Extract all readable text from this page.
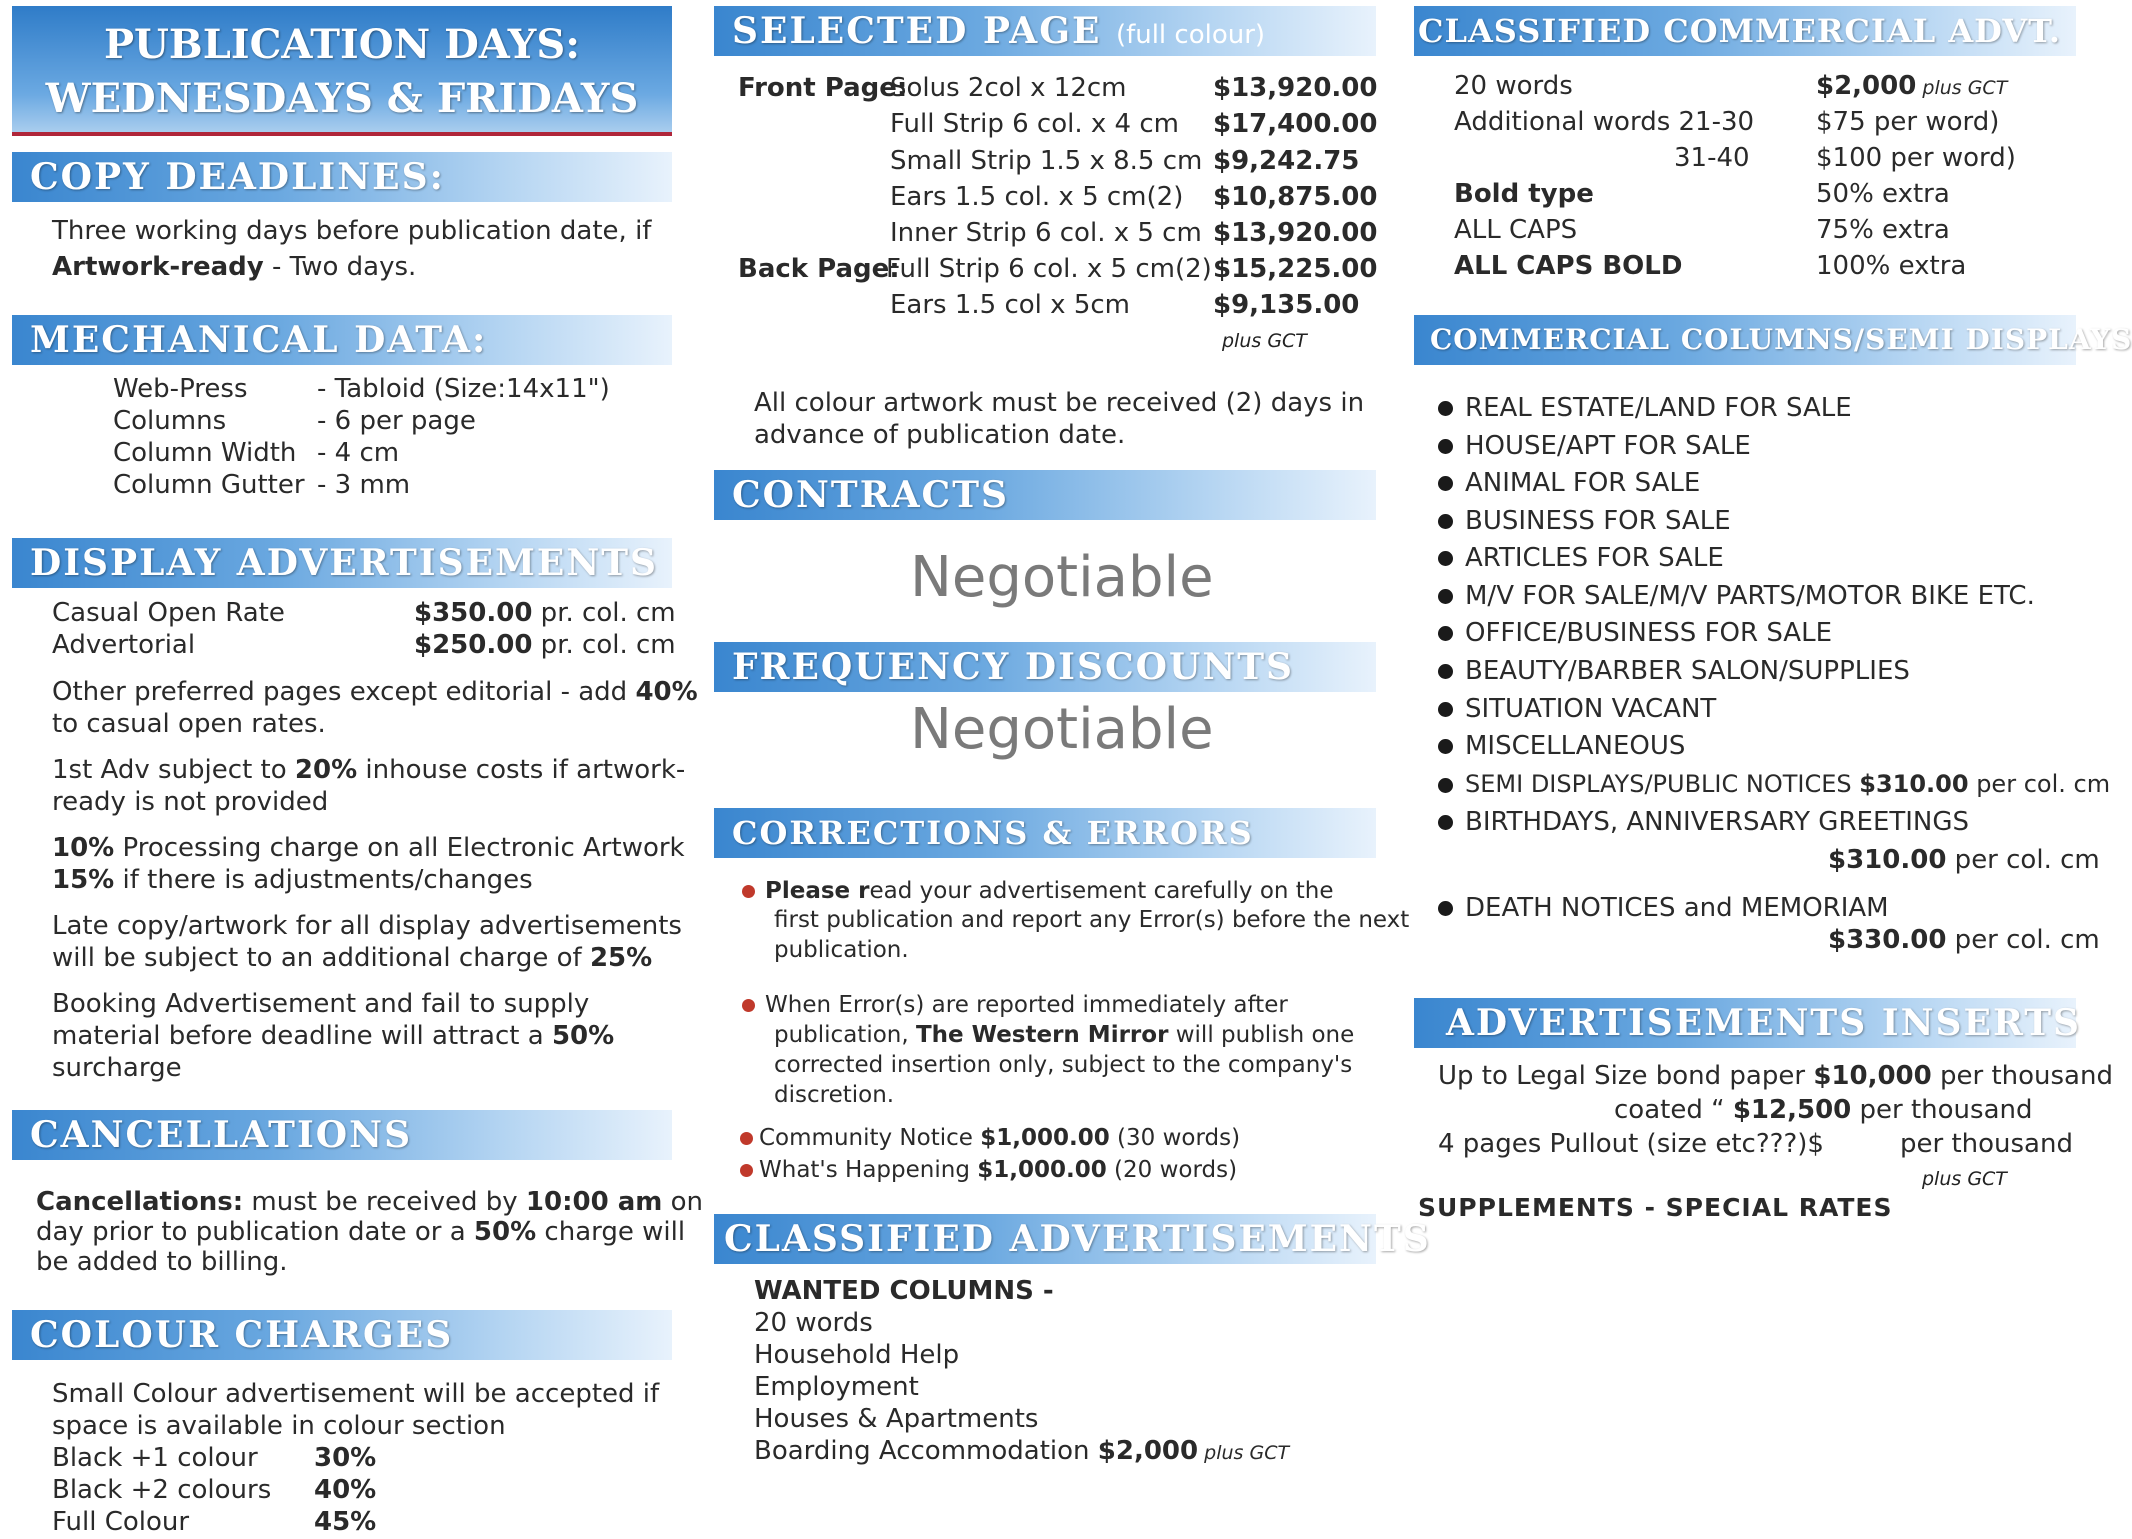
PUBLICATION DAYS:
WEDNESDAYS & FRIDAYS
COPY DEADLINES:
Three working days before publication date, if
Artwork-ready - Two days.
MECHANICAL DATA:
Web-Press	- Tabloid (Size:14x11")
Columns	- 6 per page
Column Width - 4 cm
Column Gutter - 3 mm
DISPLAY ADVERTISEMENTS
Casual Open Rate	$350.00 pr. col. cm
Advertorial	$250.00 pr. col. cm
Other preferred pages except editorial - add 40%
to casual open rates.
1st Adv subject to 20% inhouse costs if artwork-
ready is not provided
10% Processing charge on all Electronic Artwork
15% if there is adjustments/changes
Late copy/artwork for all display advertisements
will be subject to an additional charge of 25%
Booking Advertisement and fail to supply
material before deadline will attract a 50%
surcharge
CANCELLATIONS
Cancellations: must be received by 10:00 am on
day prior to publication date or a 50% charge will
be added to billing.
COLOUR CHARGES
Small Colour advertisement will be accepted if
space is available in colour section
Black +1 colour 30%
Black +2 colours 40%
Full Colour	45%
SELECTED PAGE (full colour)
Front Page:
Solus 2col x 12cm	$13,920.00
Full Strip 6 col. x 4 cm $17,400.00
Small Strip 1.5 x 8.5 cm $9,242.75
Ears 1.5 col. x 5 cm(2) $10,875.00
Inner Strip 6 col. x 5 cm $13,920.00
Back Page:
Full Strip 6 col. x 5 cm(2) $15,225.00
Ears 1.5 col x 5cm	$9,135.00
plus GCT
All colour artwork must be received (2) days in
advance of publication date.
CONTRACTS
Negotiable
FREQUENCY DISCOUNTS
Negotiable
CORRECTIONS & ERRORS
Please read your advertisement carefully on the
first publication and report any Error(s) before the next
publication.
When Error(s) are reported immediately after
publication, The Western Mirror will publish one
corrected insertion only, subject to the company's
discretion.
Community Notice $1,000.00 (30 words)
What's Happening $1,000.00 (20 words)
CLASSIFIED ADVERTISEMENTS
WANTED COLUMNS -
20 words
Household Help
Employment
Houses & Apartments
Boarding Accommodation $2,000 plus GCT
CLASSIFIED COMMERCIAL ADVT.
20 words	$2,000 plus GCT
Additional words 21-30 $75 per word)
31-40	$100 per word)
Bold type	50% extra
ALL CAPS	75% extra
ALL CAPS BOLD	100% extra
COMMERCIAL COLUMNS/SEMI DISPLAYS
REAL ESTATE/LAND FOR SALE
HOUSE/APT FOR SALE
ANIMAL FOR SALE
BUSINESS FOR SALE
ARTICLES FOR SALE
M/V FOR SALE/M/V PARTS/MOTOR BIKE ETC.
OFFICE/BUSINESS FOR SALE
BEAUTY/BARBER SALON/SUPPLIES
SITUATION VACANT
MISCELLANEOUS
SEMI DISPLAYS/PUBLIC NOTICES $310.00 per col. cm
BIRTHDAYS, ANNIVERSARY GREETINGS
$310.00 per col. cm
DEATH NOTICES and MEMORIAM
$330.00 per col. cm
ADVERTISEMENTS INSERTS
Up to Legal Size bond paper $10,000 per thousand
coated “ $12,500 per thousand
4 pages Pullout (size etc???)$	per thousand
plus GCT
SUPPLEMENTS - SPECIAL RATES
